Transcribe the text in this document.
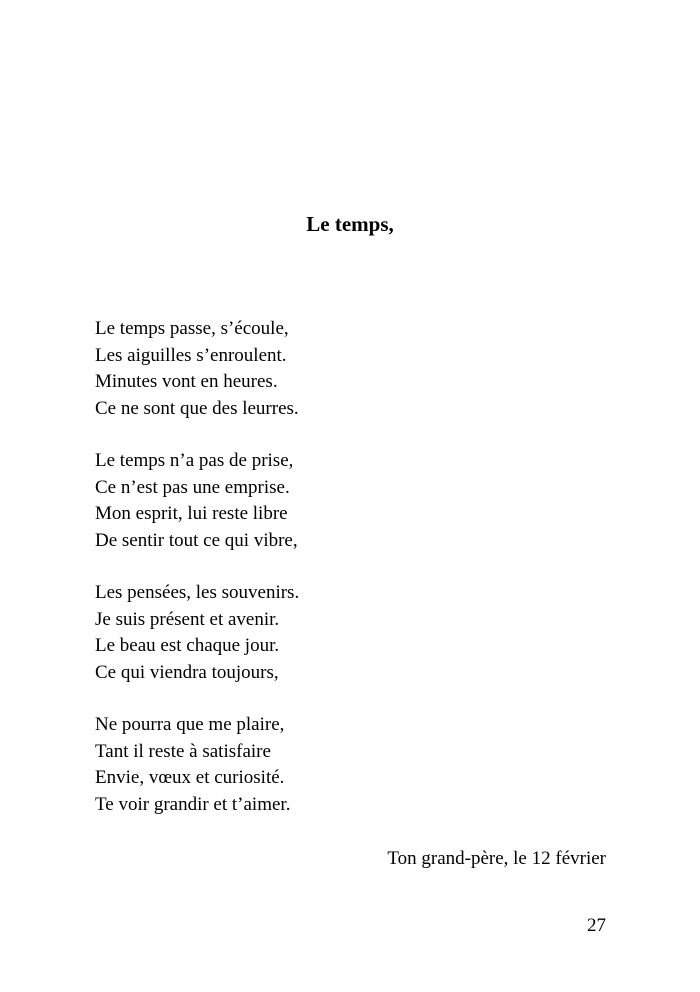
Le temps,
Le temps passe, s’écoule,
Les aiguilles s’enroulent.
Minutes vont en heures.
Ce ne sont que des leurres.
Le temps n’a pas de prise,
Ce n’est pas une emprise.
Mon esprit, lui reste libre
De sentir tout ce qui vibre,
Les pensées, les souvenirs.
Je suis présent et avenir.
Le beau est chaque jour.
Ce qui viendra toujours,
Ne pourra que me plaire,
Tant il reste à satisfaire
Envie, vœux et curiosité.
Te voir grandir et t’aimer.
Ton grand-père, le 12 février
27
